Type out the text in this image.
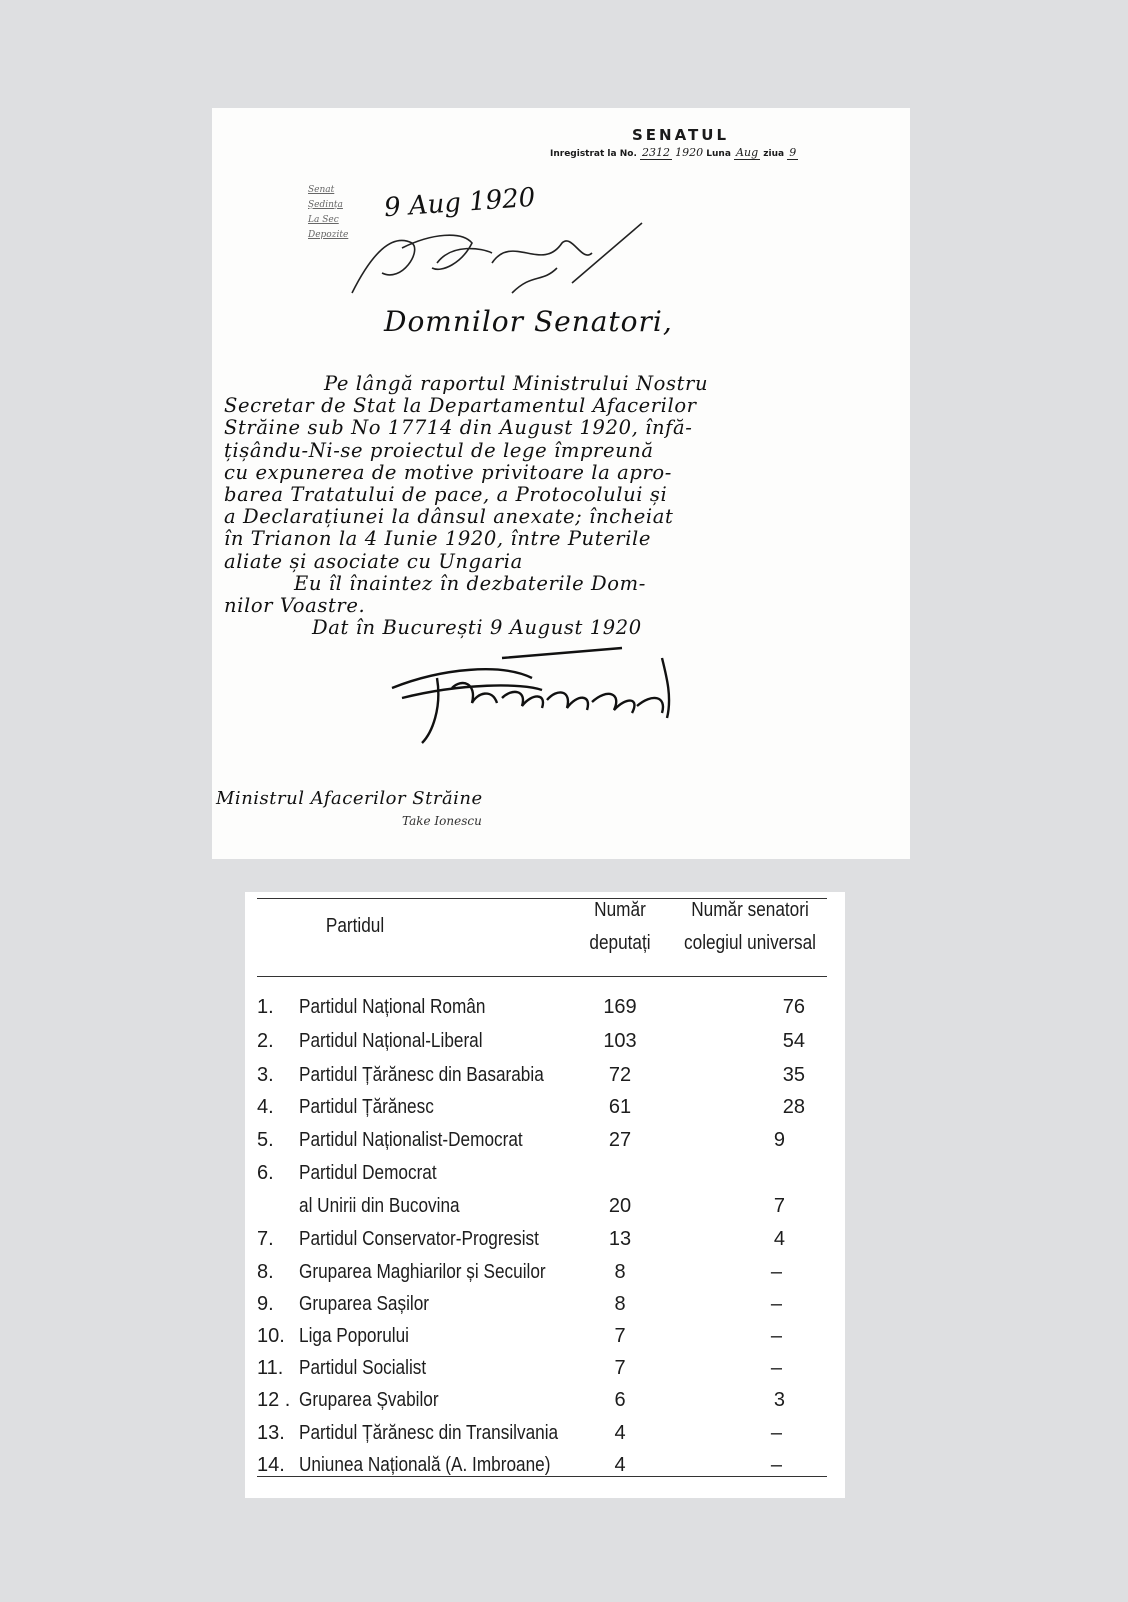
SENATUL
Inregistrat la No. 2312 1920 Luna Aug ziua 9
Senat
Ședința
La Sec
Depozite
9 Aug 1920
Domnilor Senatori,
Pe lângă raportul Ministrului Nostru
Secretar de Stat la Departamentul Afacerilor
Străine sub No 17714 din August 1920, înfă-
țișându-Ni-se proiectul de lege împreună
cu expunerea de motive privitoare la apro-
barea Tratatului de pace, a Protocolului și
a Declarațiunei la dânsul anexate; încheiat
în Trianon la 4 Iunie 1920, între Puterile
aliate și asociate cu Ungaria
Eu îl înaintez în dezbaterile Dom-
nilor Voastre.
Dat în București 9 August 1920
Ministrul Afacerilor Străine
Take Ionescu
Partidul
Număr
deputați
Număr senatori
colegiul universal
1. Partidul Național Român	169	76
2. Partidul Național-Liberal	103	54
3. Partidul Țărănesc din Basarabia	72	35
4. Partidul Țărănesc	61	28
5. Partidul Naționalist-Democrat	27	9
6. Partidul Democrat
al Unirii din Bucovina	20	7
7. Partidul Conservator-Progresist	13	4
8. Gruparea Maghiarilor și Secuilor	8	–
9. Gruparea Sașilor	8	–
10. Liga Poporului	7	–
11. Partidul Socialist	7	–
12 . Gruparea Șvabilor	6	3
13. Partidul Țărănesc din Transilvania	4	–
14. Uniunea Națională (A. Imbroane)	4	–
